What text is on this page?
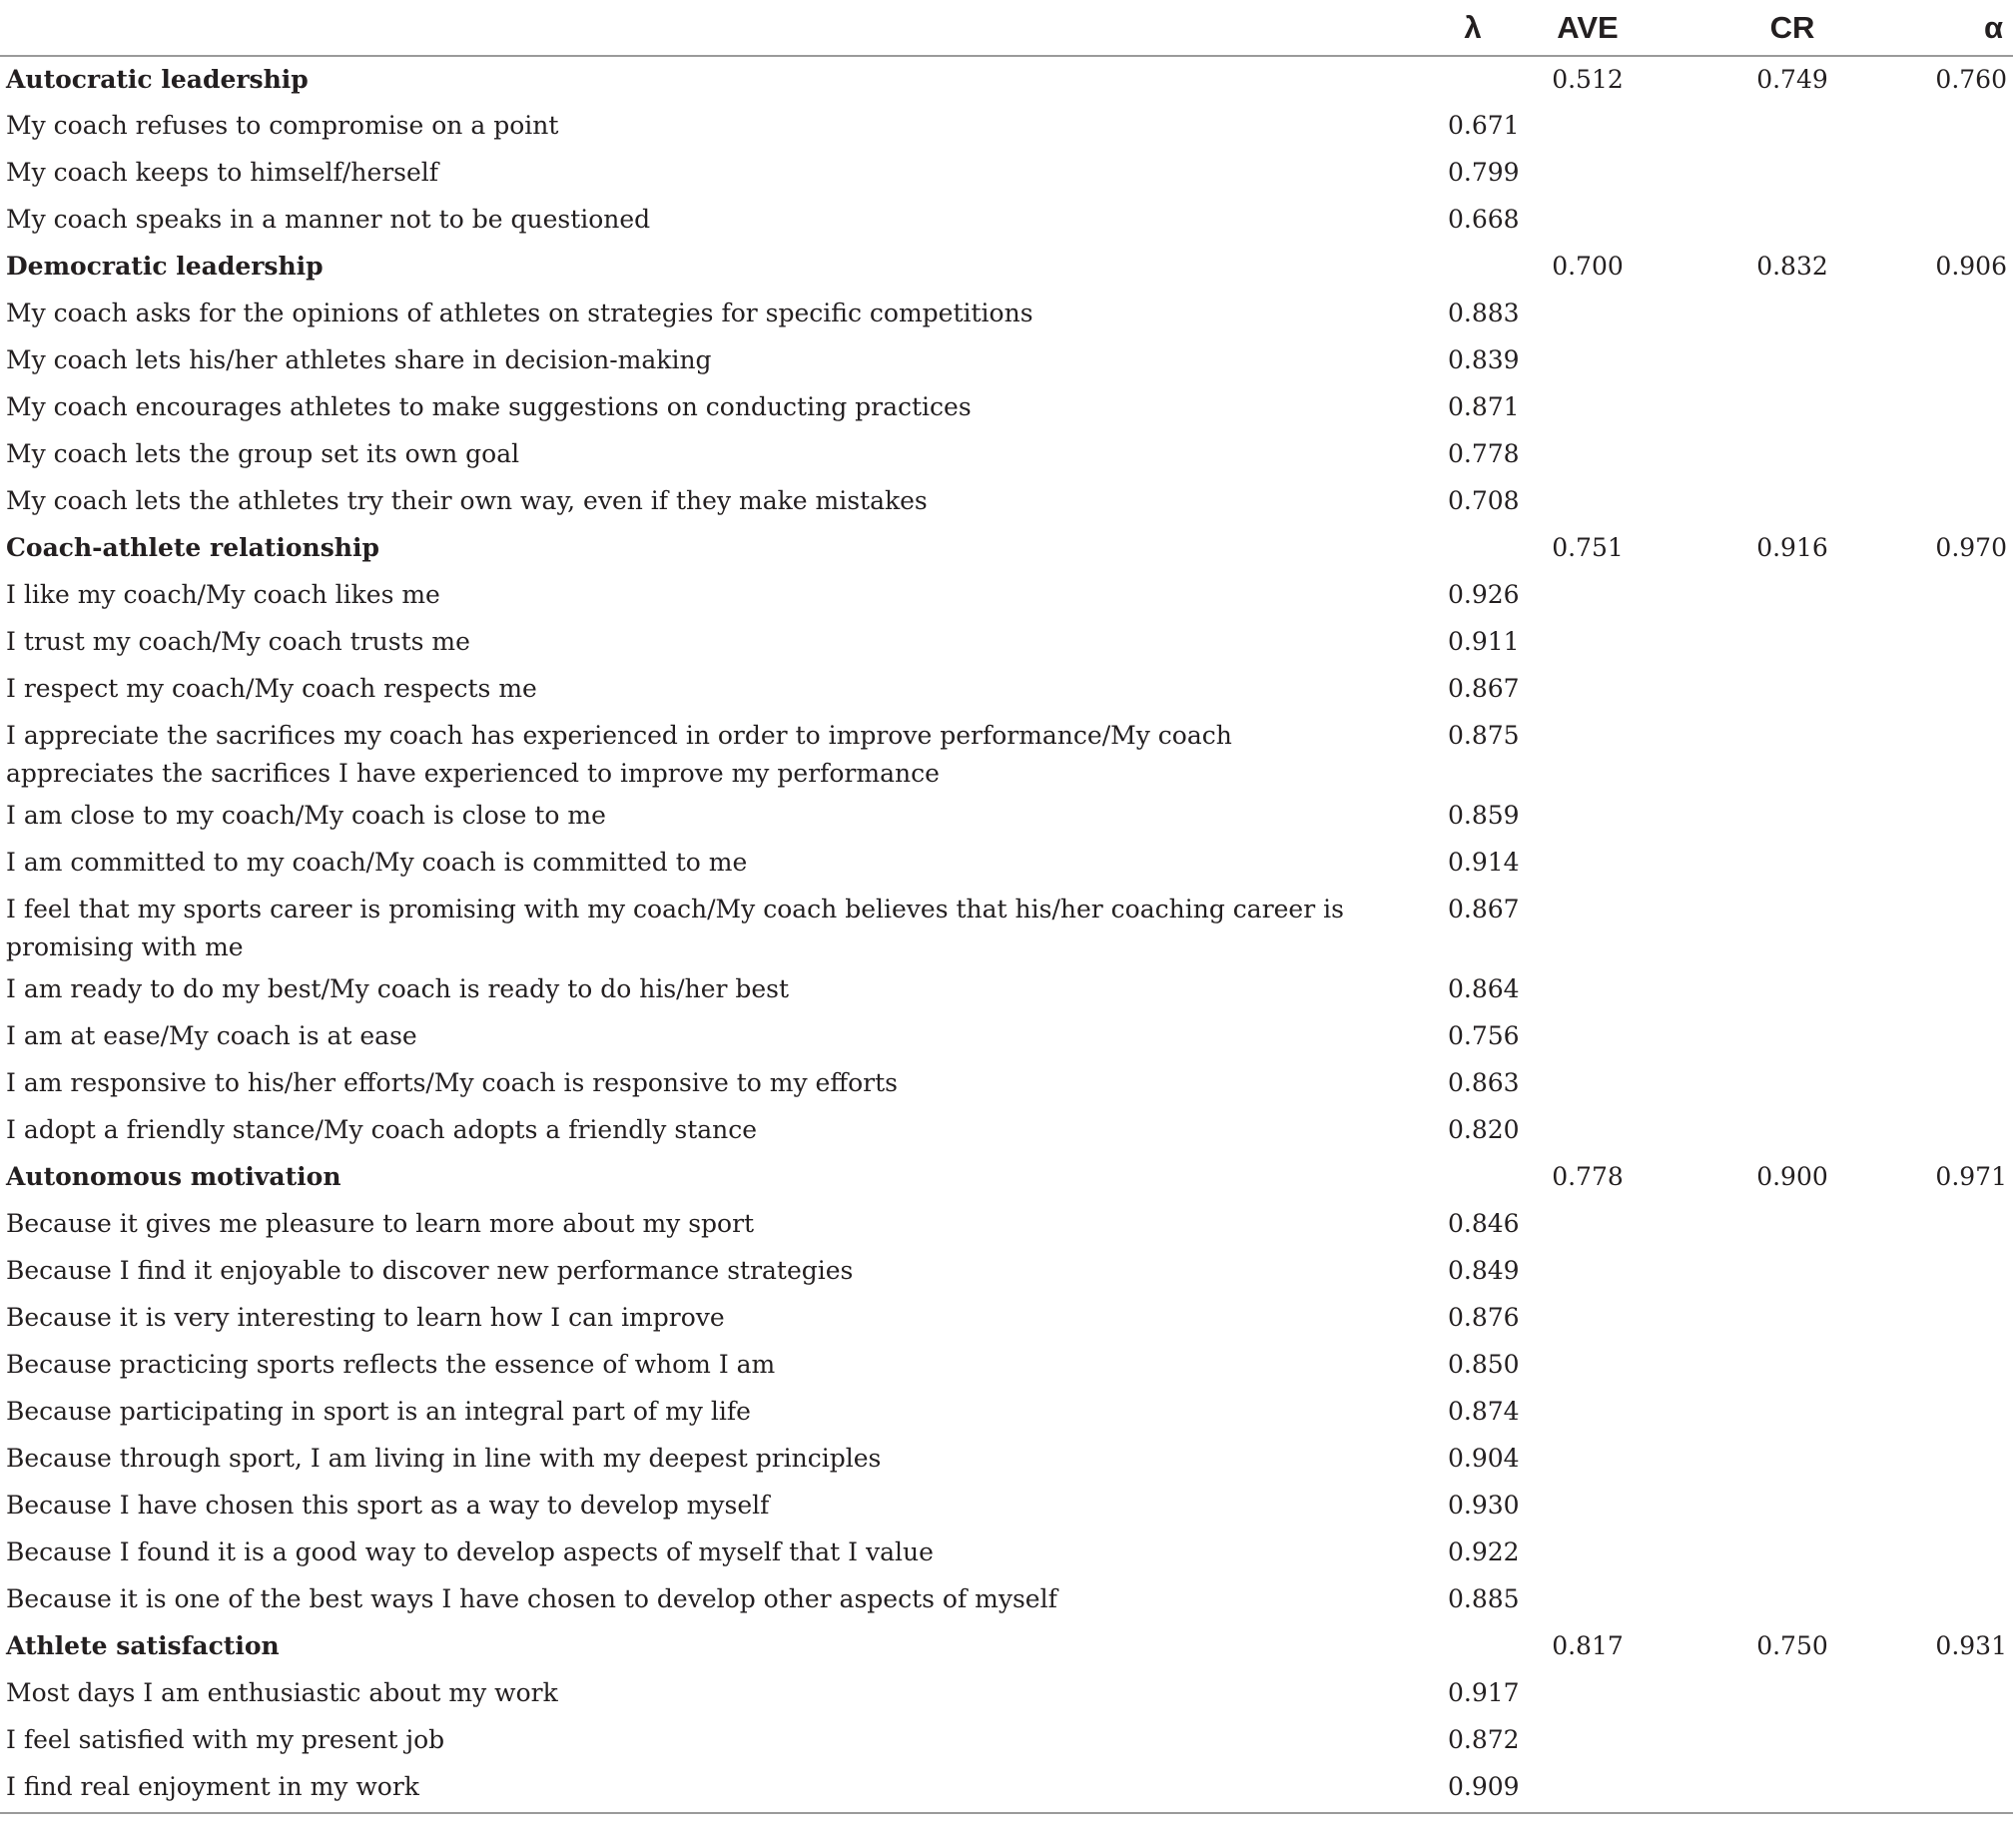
	λ	AVE	CR	α
Autocratic leadership		0.512	0.749	0.760
My coach refuses to compromise on a point	0.671			
My coach keeps to himself/herself	0.799			
My coach speaks in a manner not to be questioned	0.668			
Democratic leadership		0.700	0.832	0.906
My coach asks for the opinions of athletes on strategies for specific competitions	0.883			
My coach lets his/her athletes share in decision-making	0.839			
My coach encourages athletes to make suggestions on conducting practices	0.871			
My coach lets the group set its own goal	0.778			
My coach lets the athletes try their own way, even if they make mistakes	0.708			
Coach-athlete relationship		0.751	0.916	0.970
I like my coach/My coach likes me	0.926			
I trust my coach/My coach trusts me	0.911			
I respect my coach/My coach respects me	0.867			
I appreciate the sacrifices my coach has experienced in order to improve performance/My coach appreciates the sacrifices I have experienced to improve my performance	0.875			
I am close to my coach/My coach is close to me	0.859			
I am committed to my coach/My coach is committed to me	0.914			
I feel that my sports career is promising with my coach/My coach believes that his/her coaching career is promising with me	0.867			
I am ready to do my best/My coach is ready to do his/her best	0.864			
I am at ease/My coach is at ease	0.756			
I am responsive to his/her efforts/My coach is responsive to my efforts	0.863			
I adopt a friendly stance/My coach adopts a friendly stance	0.820			
Autonomous motivation		0.778	0.900	0.971
Because it gives me pleasure to learn more about my sport	0.846			
Because I find it enjoyable to discover new performance strategies	0.849			
Because it is very interesting to learn how I can improve	0.876			
Because practicing sports reflects the essence of whom I am	0.850			
Because participating in sport is an integral part of my life	0.874			
Because through sport, I am living in line with my deepest principles	0.904			
Because I have chosen this sport as a way to develop myself	0.930			
Because I found it is a good way to develop aspects of myself that I value	0.922			
Because it is one of the best ways I have chosen to develop other aspects of myself	0.885			
Athlete satisfaction		0.817	0.750	0.931
Most days I am enthusiastic about my work	0.917			
I feel satisfied with my present job	0.872			
I find real enjoyment in my work	0.909			
